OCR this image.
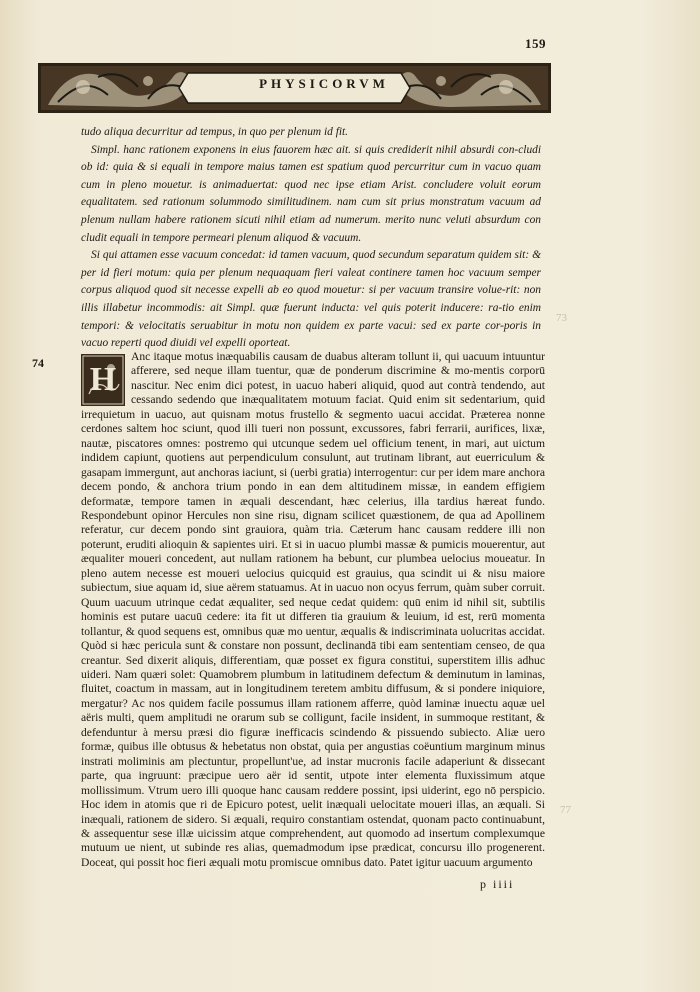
159
PHYSICORVM

tudo aliqua decurritur ad tempus, in quo per plenum id fit.

Simpl. hanc rationem exponens in eius fauorem hæc ait. si quis crediderit nihil absurdi con-cludi ob id: quia & si equali in tempore maius tamen est spatium quod percurritur cum in vacuo quam cum in pleno mouetur. is animaduertat: quod nec ipse etiam Arist. concludere voluit eorum equalitatem. sed rationum solummodo similitudinem. nam cum sit prius monstratum vacuum ad plenum nullam habere rationem sicuti nihil etiam ad numerum. merito nunc veluti absurdum con cludit equali in tempore permeari plenum aliquod & vacuum.

Si qui attamen esse vacuum concedat: id tamen vacuum, quod secundum separatum quidem sit: & per id fieri motum: quia per plenum nequaquam fieri valeat continere tamen hoc vacuum semper corpus aliquod quod sit necesse expelli ab eo quod mouetur: si per vacuum transire volue-rit: non illis illabetur incommodis: ait Simpl. quæ fuerunt inducta: vel quis poterit inducere: ra-tio enim tempori: & velocitatis seruabitur in motu non quidem ex parte vacui: sed ex parte cor-poris in vacuo reperti quod diuidi vel expelli oporteat.

74
73
77
H

Anc itaque motus inæquabilis causam de duabus alteram tollunt ii, qui uacuum intuuntur afferere, sed neque illam tuentur, quæ de ponderum discrimine & mo-mentis corporū nascitur. Nec enim dici potest, in uacuo haberi aliquid, quod aut contrà tendendo, aut cessando sedendo que inæqualitatem motuum faciat. Quid enim sit sedentarium, quid irrequietum in uacuo, aut quisnam motus frustello & segmento uacui accidat. Præterea nonne cerdones saltem hoc sciunt, quod illi tueri non possunt, excussores, fabri ferrarii, aurifices, lixæ, nautæ, piscatores omnes: postremo qui utcunque sedem uel officium tenent, in mari, aut uictum indidem capiunt, quotiens aut perpendiculum consulunt, aut trutinam librant, aut euerriculum & gasapam immergunt, aut anchoras iaciunt, si (uerbi gratia) interrogentur: cur per idem mare anchora decem pondo, & anchora trium pondo in ean dem altitudinem missæ, in eandem effigiem deformatæ, tempore tamen in æquali descendant, hæc celerius, illa tardius hæreat fundo. Respondebunt opinor Hercules non sine risu, dignam scilicet quæstionem, de qua ad Apollinem referatur, cur decem pondo sint grauiora, quàm tria. Cæterum hanc causam reddere illi non poterunt, eruditi alioquin & sapientes uiri. Et si in uacuo plumbi massæ & pumicis mouerentur, aut æqualiter moueri concedent, aut nullam rationem ha bebunt, cur plumbea uelocius moueatur. In pleno autem necesse est moueri uelocius quicquid est grauius, qua scindit ui & nisu maiore subiectum, siue aquam id, siue aërem statuamus. At in uacuo non ocyus ferrum, quàm suber corruit. Quum uacuum utrinque cedat æqualiter, sed neque cedat quidem: quū enim id nihil sit, subtilis hominis est putare uacuū cedere: ita fit ut differen tia grauium & leuium, id est, rerū momenta tollantur, & quod sequens est, omnibus quæ mo uentur, æqualis & indiscriminata uolucritas accidat. Quòd si hæc pericula sunt & constare non possunt, declinandā tibi eam sententiam censeo, de qua creantur. Sed dixerit aliquis, differentiam, quæ posset ex figura constitui, superstitem illis adhuc uideri. Nam quæri solet: Quamobrem plumbum in latitudinem defectum & deminutum in laminas, fluitet, coactum in massam, aut in longitudinem teretem ambitu diffusum, & si pondere iniquiore, mergatur? Ac nos quidem facile possumus illam rationem afferre, quòd laminæ inuectu aquæ uel aëris multi, quem amplitudi ne orarum sub se colligunt, facile insident, in summoque restitant, & defenduntur à mersu præsi dio figuræ inefficacis scindendo & pissuendo subiecto. Aliæ uero formæ, quibus ille obtusus & hebetatus non obstat, quia per angustias coëuntium marginum minus instrati moliminis am plectuntur, propellunt'ue, ad instar mucronis facile adaperiunt & dissecant parte, qua ingruunt: præcipue uero aër id sentit, utpote inter elementa fluxissimum atque mollissimum. Vtrum uero illi quoque hanc causam reddere possint, ipsi uiderint, ego nō perspicio. Hoc idem in atomis que ri de Epicuro potest, uelit inæquali uelocitate moueri illas, an æquali. Si inæquali, rationem de sidero. Si æquali, requiro constantiam ostendat, quonam pacto continuabunt, & assequentur sese illæ uicissim atque comprehendent, aut quomodo ad insertum complexumque mutuum ue nient, ut subinde res alias, quemadmodum ipse prædicat, concursu illo progenerent. Doceat, qui possit hoc fieri æquali motu promiscue omnibus dato. Patet igitur uacuum argumento

p iiii
